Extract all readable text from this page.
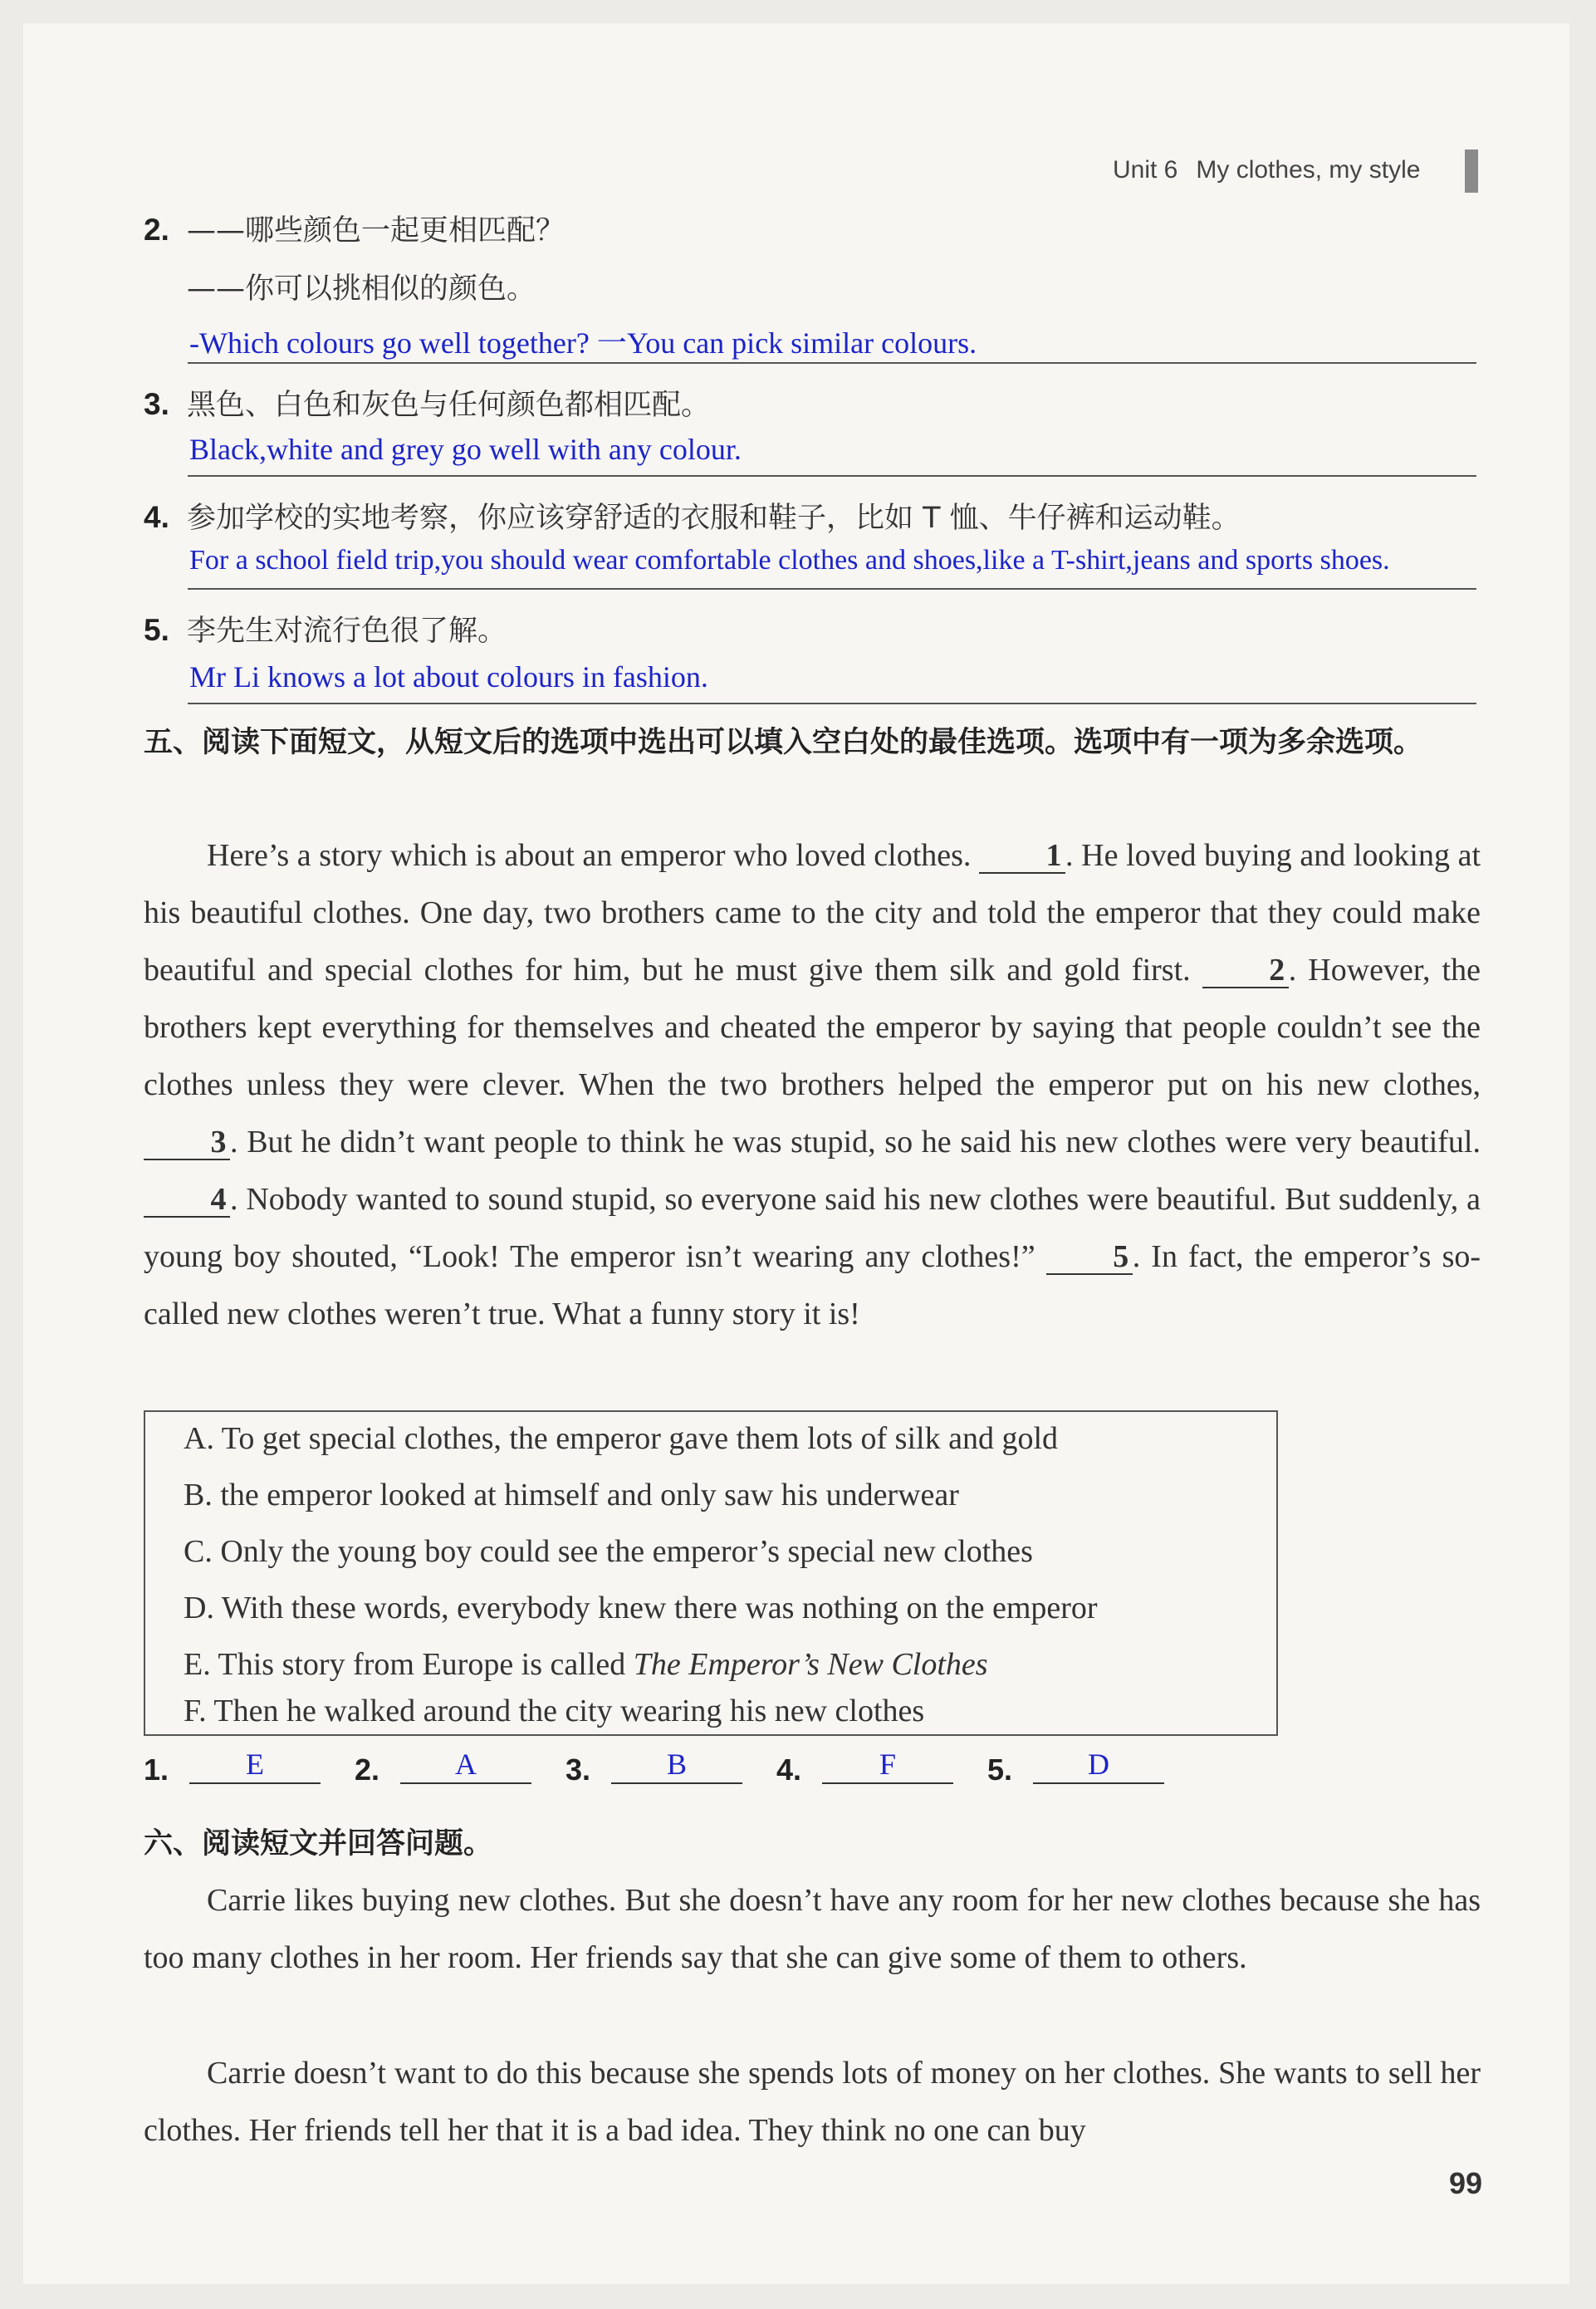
Unit 6 My clothes, my style
2. ——哪些颜色一起更相匹配？
——你可以挑相似的颜色。
-Which colours go well together? 一You can pick similar colours.
3. 黑色、白色和灰色与任何颜色都相匹配。
Black,white and grey go well with any colour.
4. 参加学校的实地考察，你应该穿舒适的衣服和鞋子，比如 T 恤、牛仔裤和运动鞋。
For a school field trip,you should wear comfortable clothes and shoes,like a T-shirt,jeans and sports shoes.
5. 李先生对流行色很了解。
Mr Li knows a lot about colours in fashion.
五、阅读下面短文，从短文后的选项中选出可以填入空白处的最佳选项。选项中有一项为多余选项。
Here’s a story which is about an emperor who loved clothes. 1 . He loved buying and looking at his beautiful clothes. One day, two brothers came to the city and told the emperor that they could make beautiful and special clothes for him, but he must give them silk and gold first. 2 . However, the brothers kept everything for themselves and cheated the emperor by saying that people couldn’t see the clothes unless they were clever. When the two brothers helped the emperor put on his new clothes, 3 . But he didn’t want people to think he was stupid, so he said his new clothes were very beautiful. 4 . Nobody wanted to sound stupid, so everyone said his new clothes were beautiful. But suddenly, a young boy shouted, “Look! The emperor isn’t wearing any clothes!” 5 . In fact, the emperor’s so-called new clothes weren’t true. What a funny story it is!
A. To get special clothes, the emperor gave them lots of silk and gold
B. the emperor looked at himself and only saw his underwear
C. Only the young boy could see the emperor’s special new clothes
D. With these words, everybody knew there was nothing on the emperor
E. This story from Europe is called The Emperor’s New Clothes
F. Then he walked around the city wearing his new clothes
1.	E	2.	A	3.	B	4.	F	5.	D
六、阅读短文并回答问题。
Carrie likes buying new clothes. But she doesn’t have any room for her new clothes because she has too many clothes in her room. Her friends say that she can give some of them to others.
Carrie doesn’t want to do this because she spends lots of money on her clothes. She wants to sell her clothes. Her friends tell her that it is a bad idea. They think no one can buy
99
